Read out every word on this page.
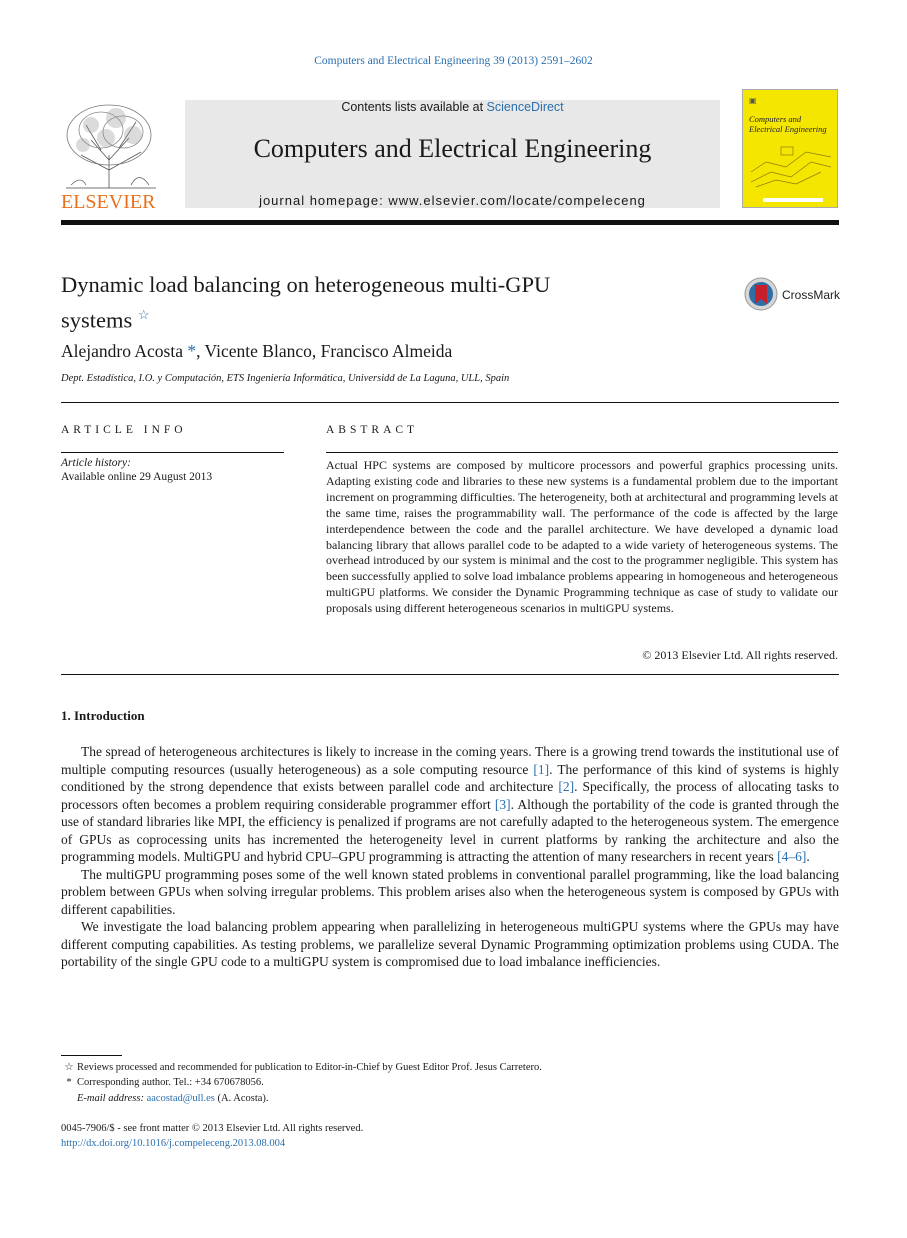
Computers and Electrical Engineering 39 (2013) 2591–2602
ELSEVIER
Contents lists available at ScienceDirect
Computers and Electrical Engineering
journal homepage: www.elsevier.com/locate/compeleceng
▣
Computers and
Electrical Engineering
Dynamic load balancing on heterogeneous multi-GPU
systems ☆
CrossMark
Alejandro Acosta *, Vicente Blanco, Francisco Almeida
Dept. Estadística, I.O. y Computación, ETS Ingeniería Informática, Universidd de La Laguna, ULL, Spain
ARTICLE INFO
Article history:
Available online 29 August 2013
ABSTRACT
Actual HPC systems are composed by multicore processors and powerful graphics processing units. Adapting existing code and libraries to these new systems is a fundamental problem due to the important increment on programming difficulties. The heterogeneity, both at architectural and programming levels at the same time, raises the programmability wall. The performance of the code is affected by the large interdependence between the code and the parallel architecture. We have developed a dynamic load balancing library that allows parallel code to be adapted to a wide variety of heterogeneous systems. The overhead introduced by our system is minimal and the cost to the programmer negligible. This system has been successfully applied to solve load imbalance problems appearing in homogeneous and heterogeneous multiGPU platforms. We consider the Dynamic Programming technique as case of study to validate our proposals using different heterogeneous scenarios in multiGPU systems.
© 2013 Elsevier Ltd. All rights reserved.
1. Introduction

The spread of heterogeneous architectures is likely to increase in the coming years. There is a growing trend towards the institutional use of multiple computing resources (usually heterogeneous) as a sole computing resource [1]. The performance of this kind of systems is highly conditioned by the strong dependence that exists between parallel code and architecture [2]. Specifically, the process of allocating tasks to processors often becomes a problem requiring considerable programmer effort [3]. Although the portability of the code is granted through the use of standard libraries like MPI, the efficiency is penalized if programs are not carefully adapted to the heterogeneous system. The emergence of GPUs as coprocessing units has incremented the heterogeneity level in current platforms by ranking the architecture and also the programming models. MultiGPU and hybrid CPU–GPU programming is attracting the attention of many researchers in recent years [4–6].

The multiGPU programming poses some of the well known stated problems in conventional parallel programming, like the load balancing problem between GPUs when solving irregular problems. This problem arises also when the heterogeneous system is composed by GPUs with different capabilities.

We investigate the load balancing problem appearing when parallelizing in heterogeneous multiGPU systems where the GPUs may have different computing capabilities. As testing problems, we parallelize several Dynamic Programming optimization problems using CUDA. The portability of the single GPU code to a multiGPU system is compromised due to load imbalance inefficiencies.

☆ Reviews processed and recommended for publication to Editor-in-Chief by Guest Editor Prof. Jesus Carretero.
* Corresponding author. Tel.: +34 670678056.
E-mail address: aacostad@ull.es (A. Acosta).
0045-7906/$ - see front matter © 2013 Elsevier Ltd. All rights reserved.
http://dx.doi.org/10.1016/j.compeleceng.2013.08.004
